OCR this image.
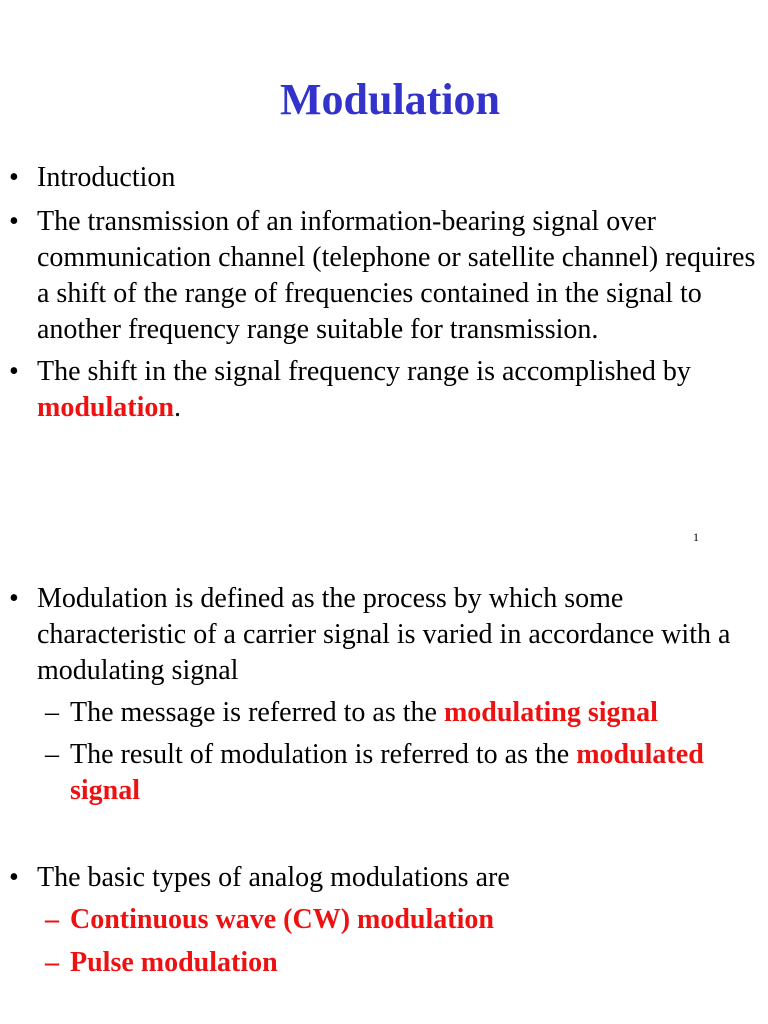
Modulation
• Introduction
• The transmission of an information-bearing signal over communication channel (telephone or satellite channel) requires a shift of the range of frequencies contained in the signal to another frequency range suitable for transmission.
• The shift in the signal frequency range is accomplished by modulation.
1
• Modulation is defined as the process by which some characteristic of a carrier signal is varied in accordance with a modulating signal
– The message is referred to as the modulating signal
– The result of modulation is referred to as the modulated signal
• The basic types of analog modulations are
– Continuous wave (CW) modulation
– Pulse modulation
